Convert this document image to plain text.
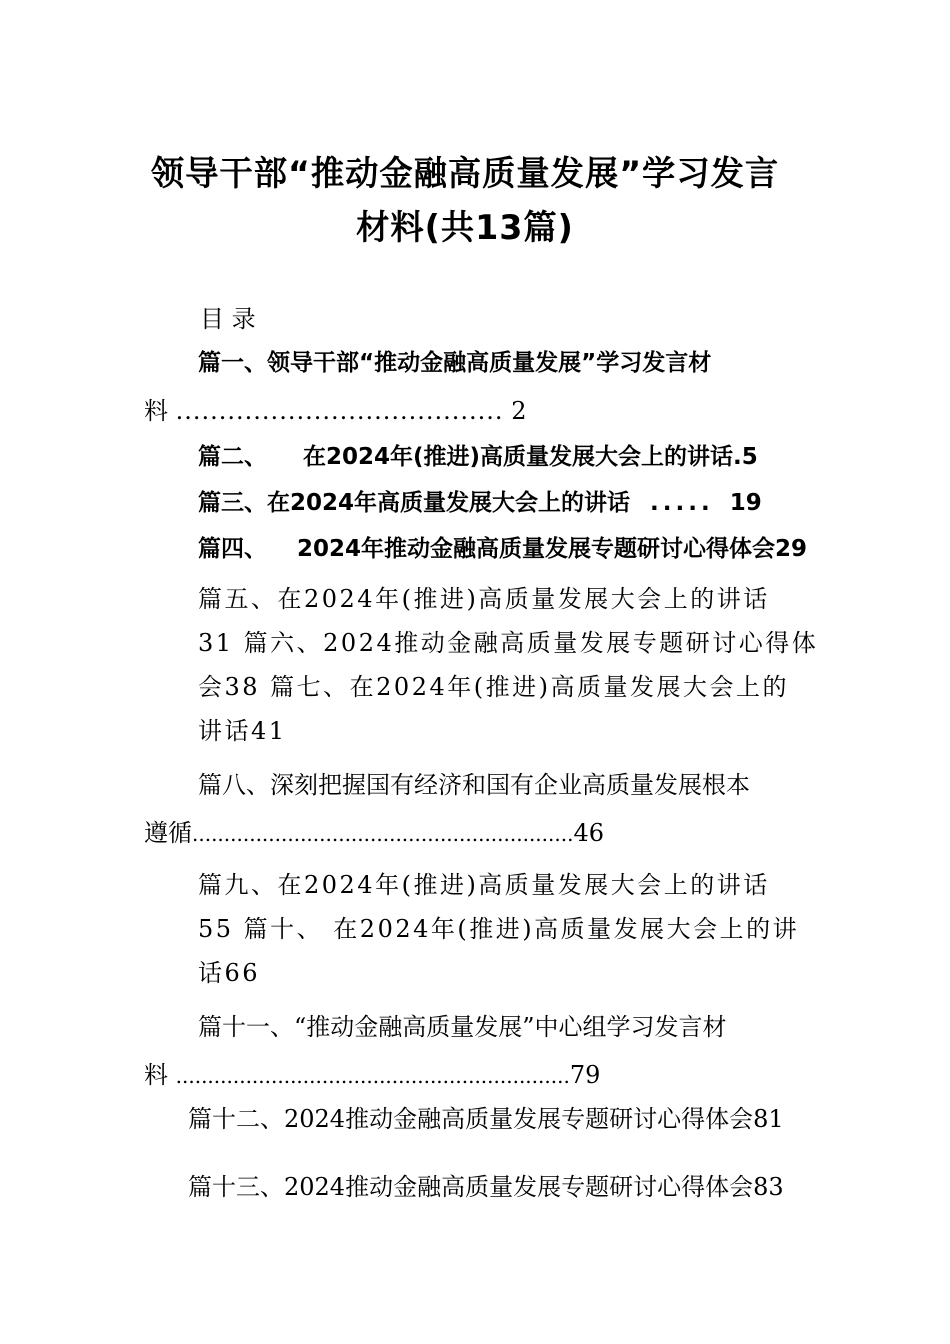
领导干部“推动金融高质量发展”学习发言
材料(共13篇)
目 录
篇一、领导干部“推动金融高质量发展”学习发言材
料 ...................................... 2
篇二、 在2024年(推进)高质量发展大会上的讲话.5
篇三、在2024年高质量发展大会上的讲话 ..... 19
篇四、 2024年推动金融高质量发展专题研讨心得体会29
篇五、在2024年(推进)高质量发展大会上的讲话
31 篇六、2024推动金融高质量发展专题研讨心得体
会38 篇七、在2024年(推进)高质量发展大会上的
讲话41
篇八、深刻把握国有经济和国有企业高质量发展根本
遵循............................................................46
篇九、在2024年(推进)高质量发展大会上的讲话
55 篇十、 在2024年(推进)高质量发展大会上的讲
话66
篇十一、“推动金融高质量发展”中心组学习发言材
料 ..............................................................79
篇十二、2024推动金融高质量发展专题研讨心得体会81
篇十三、2024推动金融高质量发展专题研讨心得体会83
